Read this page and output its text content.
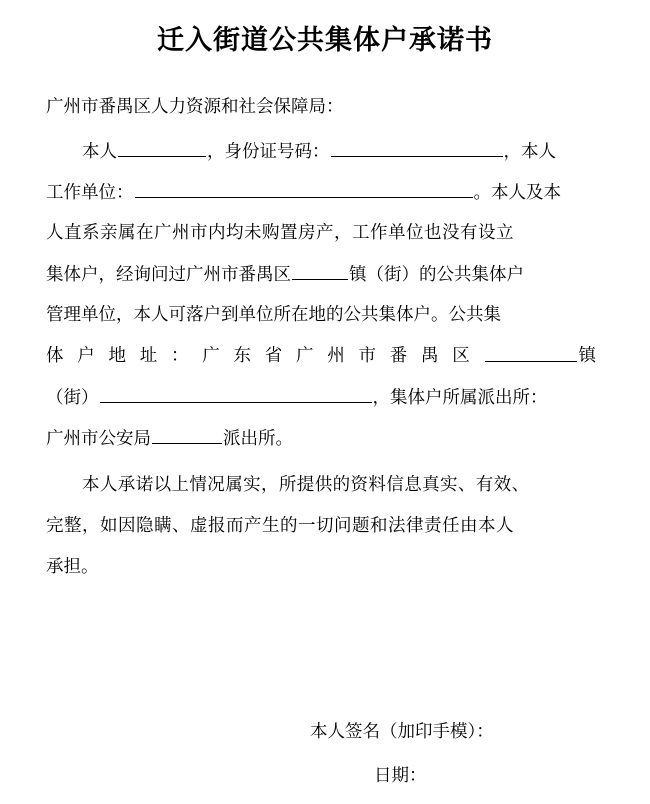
迁入街道公共集体户承诺书
广州市番禺区人力资源和社会保障局：
本人	，身份证号码：	，本人
工作单位：	。本人及本
人直系亲属在广州市内均未购置房产，工作单位也没有设立
集体户，经询问过广州市番禺区	镇（街）的公共集体户
管理单位，本人可落户到单位所在地的公共集体户。公共集
体 户 地 址 ： 广 东 省 广 州 市 番 禺 区	镇
（街）	，集体户所属派出所：
广州市公安局	派出所。
本人承诺以上情况属实，所提供的资料信息真实、有效、
完整，如因隐瞒、虚报而产生的一切问题和法律责任由本人
承担。
本人签名（加印手模）：
日期：
